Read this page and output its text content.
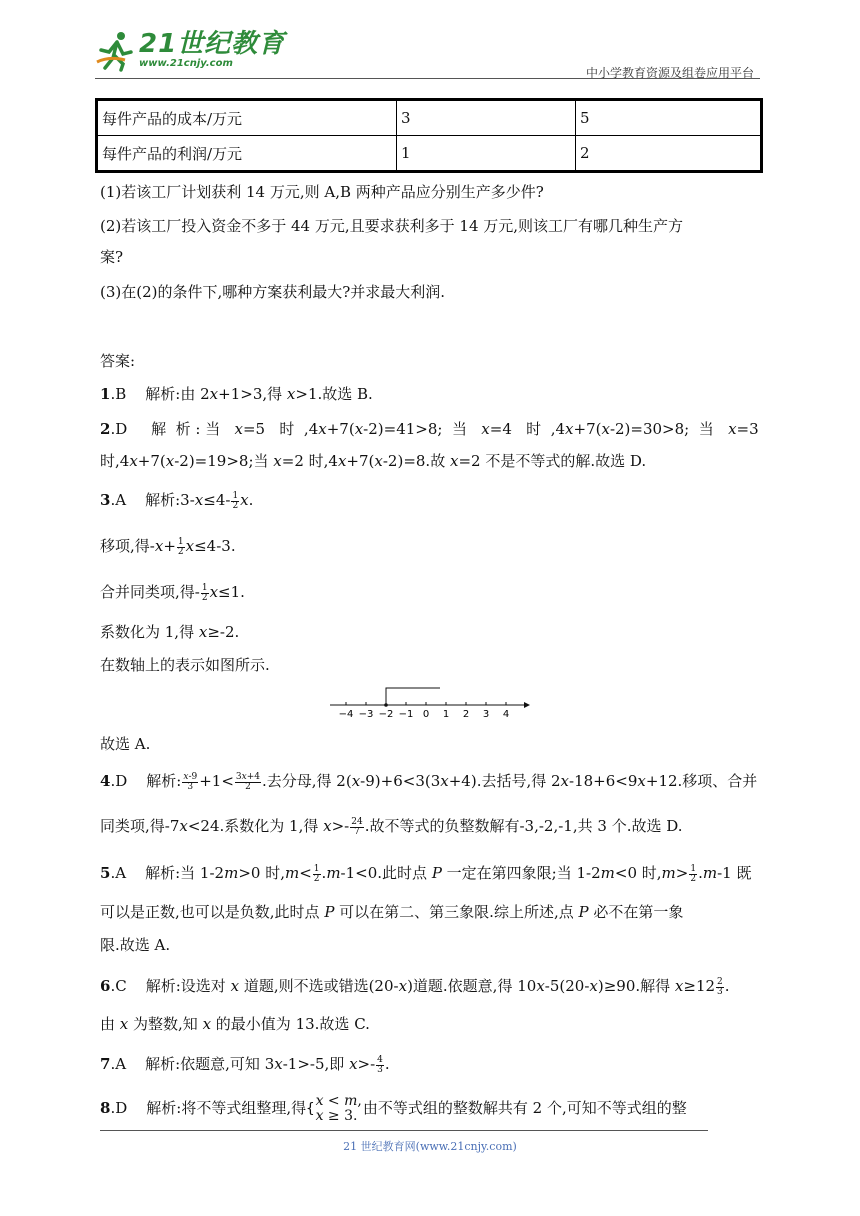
21世纪教育
www.21cnjy.com
中小学教育资源及组卷应用平台
每件产品的成本/万元	3	5
每件产品的利润/万元	1	2
(1)若该工厂计划获利 14 万元,则 A,B 两种产品应分别生产多少件?
(2)若该工厂投入资金不多于 44 万元,且要求获利多于 14 万元,则该工厂有哪几种生产方
案?
(3)在(2)的条件下,哪种方案获利最大?并求最大利润.
答案:
1.B    解析:由 2x+1>3,得 x>1.故选 B.
2.D     解  析 : 当   x=5   时  ,4x+7(x-2)=41>8;  当   x=4   时  ,4x+7(x-2)=30>8;  当   x=3
时,4x+7(x-2)=19>8;当 x=2 时,4x+7(x-2)=8.故 x=2 不是不等式的解.故选 D.
3.A    解析:3-x≤4- $\frac{1}{2} x$.
移项,得$-x+ \frac{1}{2} x\le 4-3$.
合并同类项,得- $\frac{1}{2} x\le 1$.
系数化为 1,得 x≥-2.
在数轴上的表示如图所示.
−4 −3 −2 −1 0 1 2 3 4
故选 A.
4.D    解析: $\frac{x-9}{3} +1< \frac{3x+4}{2}$ .去分母,得 2(x-9)+6<3(3x+4).去括号,得 2x-18+6<9x+12.移项、合并
同类项,得-7x<24.系数化为 1,得 $x>- \frac{24}{7}$ .故不等式的负整数解有-3,-2,-1,共 3 个.故选 D.
5.A    解析:当 1-2m>0 时$,m< \frac{1}{2} .m-1<0$.此时点 P 一定在第四象限;当 1-2m<0 时$,m> \frac{1}{2} .m-1$ 既
可以是正数,也可以是负数,此时点 P 可以在第二、第三象限.综上所述,点 P 必不在第一象
限.故选 A.
6.C    解析:设选对 x 道题,则不选或错选(20-x)道题.依题意,得 10x-5(20-x)≥90.解得 $x\ge 12 \frac{2}{3}$ .
由 x 为整数,知 x 的最小值为 13.故选 C.
7.A    解析:依题意,可知 3x-1>-5,即 $x>- \frac{4}{3}$ .
8.D    解析:将不等式组整理,得{ x < m,
x ≥ 3. 由不等式组的整数解共有 2 个,可知不等式组的整
21 世纪教育网(www.21cnjy.com)
